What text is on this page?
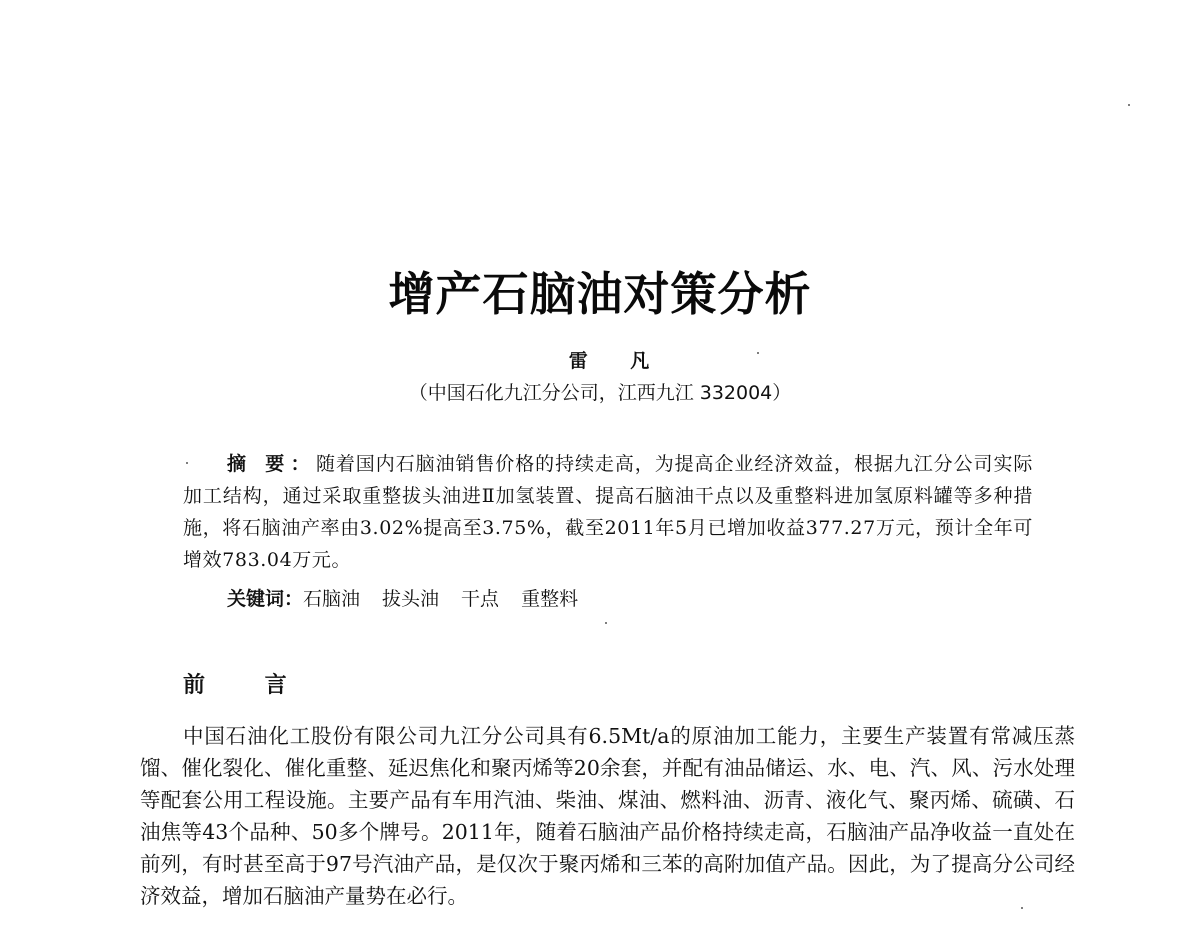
增产石脑油对策分析
雷 凡
（中国石化九江分公司，江西九江 332004）
摘 要：随着国内石脑油销售价格的持续走高，为提高企业经济效益，根据九江分公司实际加工结构，通过采取重整拔头油进Ⅱ加氢装置、提高石脑油干点以及重整料进加氢原料罐等多种措施，将石脑油产率由3.02%提高至3.75%，截至2011年5月已增加收益377.27万元，预计全年可增效783.04万元。
关键词：石脑油 拔头油 干点 重整料
前 言
中国石油化工股份有限公司九江分公司具有6.5Mt/a的原油加工能力，主要生产装置有常减压蒸馏、催化裂化、催化重整、延迟焦化和聚丙烯等20余套，并配有油品储运、水、电、汽、风、污水处理等配套公用工程设施。主要产品有车用汽油、柴油、煤油、燃料油、沥青、液化气、聚丙烯、硫磺、石油焦等43个品种、50多个牌号。2011年，随着石脑油产品价格持续走高，石脑油产品净收益一直处在前列，有时甚至高于97号汽油产品，是仅次于聚丙烯和三苯的高附加值产品。因此，为了提高分公司经济效益，增加石脑油产量势在必行。
